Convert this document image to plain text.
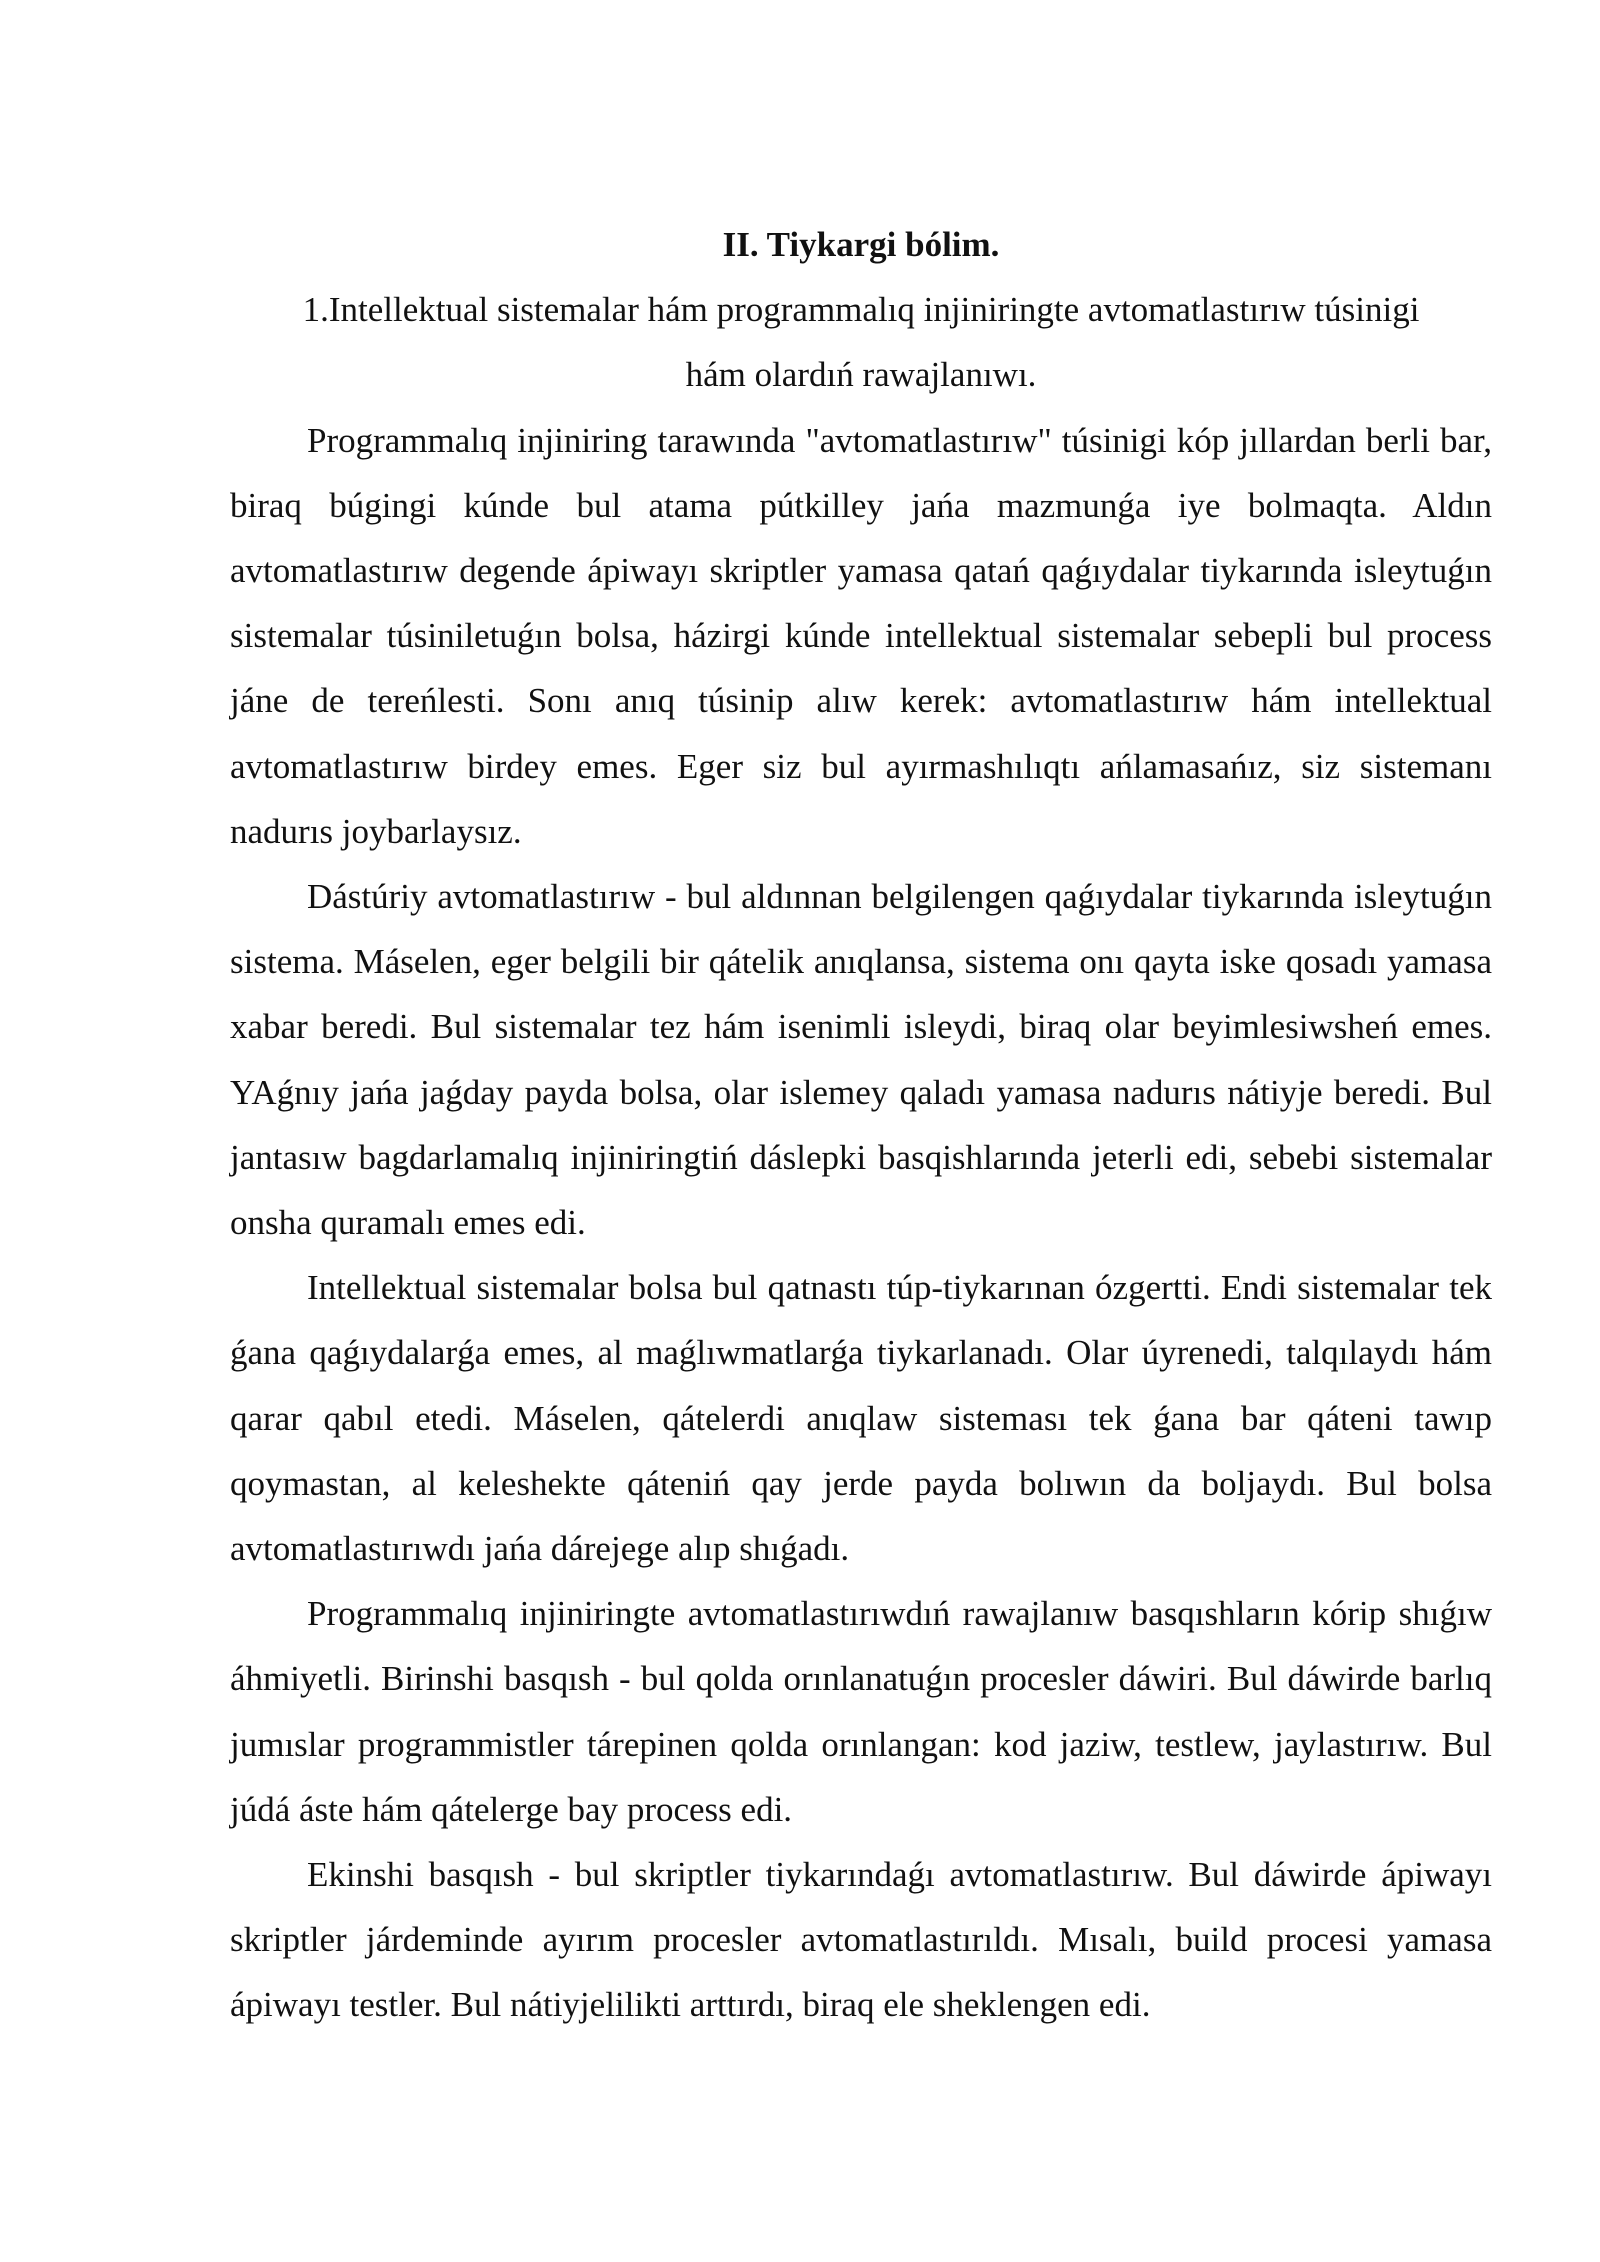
II. Tiykargi bólim.

1.Intellektual sistemalar hám programmalıq injiniringte avtomatlastırıw túsinigi hám olardıń rawajlanıwı.

Programmalıq injiniring tarawında "avtomatlastırıw" túsinigi kóp jıllardan berli bar, biraq búgingi kúnde bul atama pútkilley jańa mazmunǵa iye bolmaqta. Aldın avtomatlastırıw degende ápiwayı skriptler yamasa qatań qaǵıydalar tiykarında isleytuǵın sistemalar túsiniletuǵın bolsa, házirgi kúnde intellektual sistemalar sebepli bul process jáne de tereńlesti. Sonı anıq túsinip alıw kerek: avtomatlastırıw hám intellektual avtomatlastırıw birdey emes. Eger siz bul ayırmashılıqtı ańlamasańız, siz sistemanı nadurıs joybarlaysız.

Dástúriy avtomatlastırıw - bul aldınnan belgilengen qaǵıydalar tiykarında isleytuǵın sistema. Máselen, eger belgili bir qátelik anıqlansa, sistema onı qayta iske qosadı yamasa xabar beredi. Bul sistemalar tez hám isenimli isleydi, biraq olar beyimlesiwsheń emes. YAǵnıy jańa jaǵday payda bolsa, olar islemey qaladı yamasa nadurıs nátiyje beredi. Bul jantasıw bagdarlamalıq injiniringtiń dáslepki basqishlarında jeterli edi, sebebi sistemalar onsha quramalı emes edi.

Intellektual sistemalar bolsa bul qatnastı túp-tiykarınan ózgertti. Endi sistemalar tek ǵana qaǵıydalarǵa emes, al maǵlıwmatlarǵa tiykarlanadı. Olar úyrenedi, talqılaydı hám qarar qabıl etedi. Máselen, qátelerdi anıqlaw sisteması tek ǵana bar qáteni tawıp qoymastan, al keleshekte qáteniń qay jerde payda bolıwın da boljaydı. Bul bolsa avtomatlastırıwdı jańa dárejege alıp shıǵadı.

Programmalıq injiniringte avtomatlastırıwdıń rawajlanıw basqıshların kórip shıǵıw áhmiyetli. Birinshi basqısh - bul qolda orınlanatuǵın procesler dáwiri. Bul dáwirde barlıq jumıslar programmistler tárepinen qolda orınlangan: kod jaziw, testlew, jaylastırıw. Bul júdá áste hám qátelerge bay process edi.

Ekinshi basqısh - bul skriptler tiykarındaǵı avtomatlastırıw. Bul dáwirde ápiwayı skriptler járdeminde ayırım procesler avtomatlastırıldı. Mısalı, build procesi yamasa ápiwayı testler. Bul nátiyjelilikti arttırdı, biraq ele sheklengen edi.
